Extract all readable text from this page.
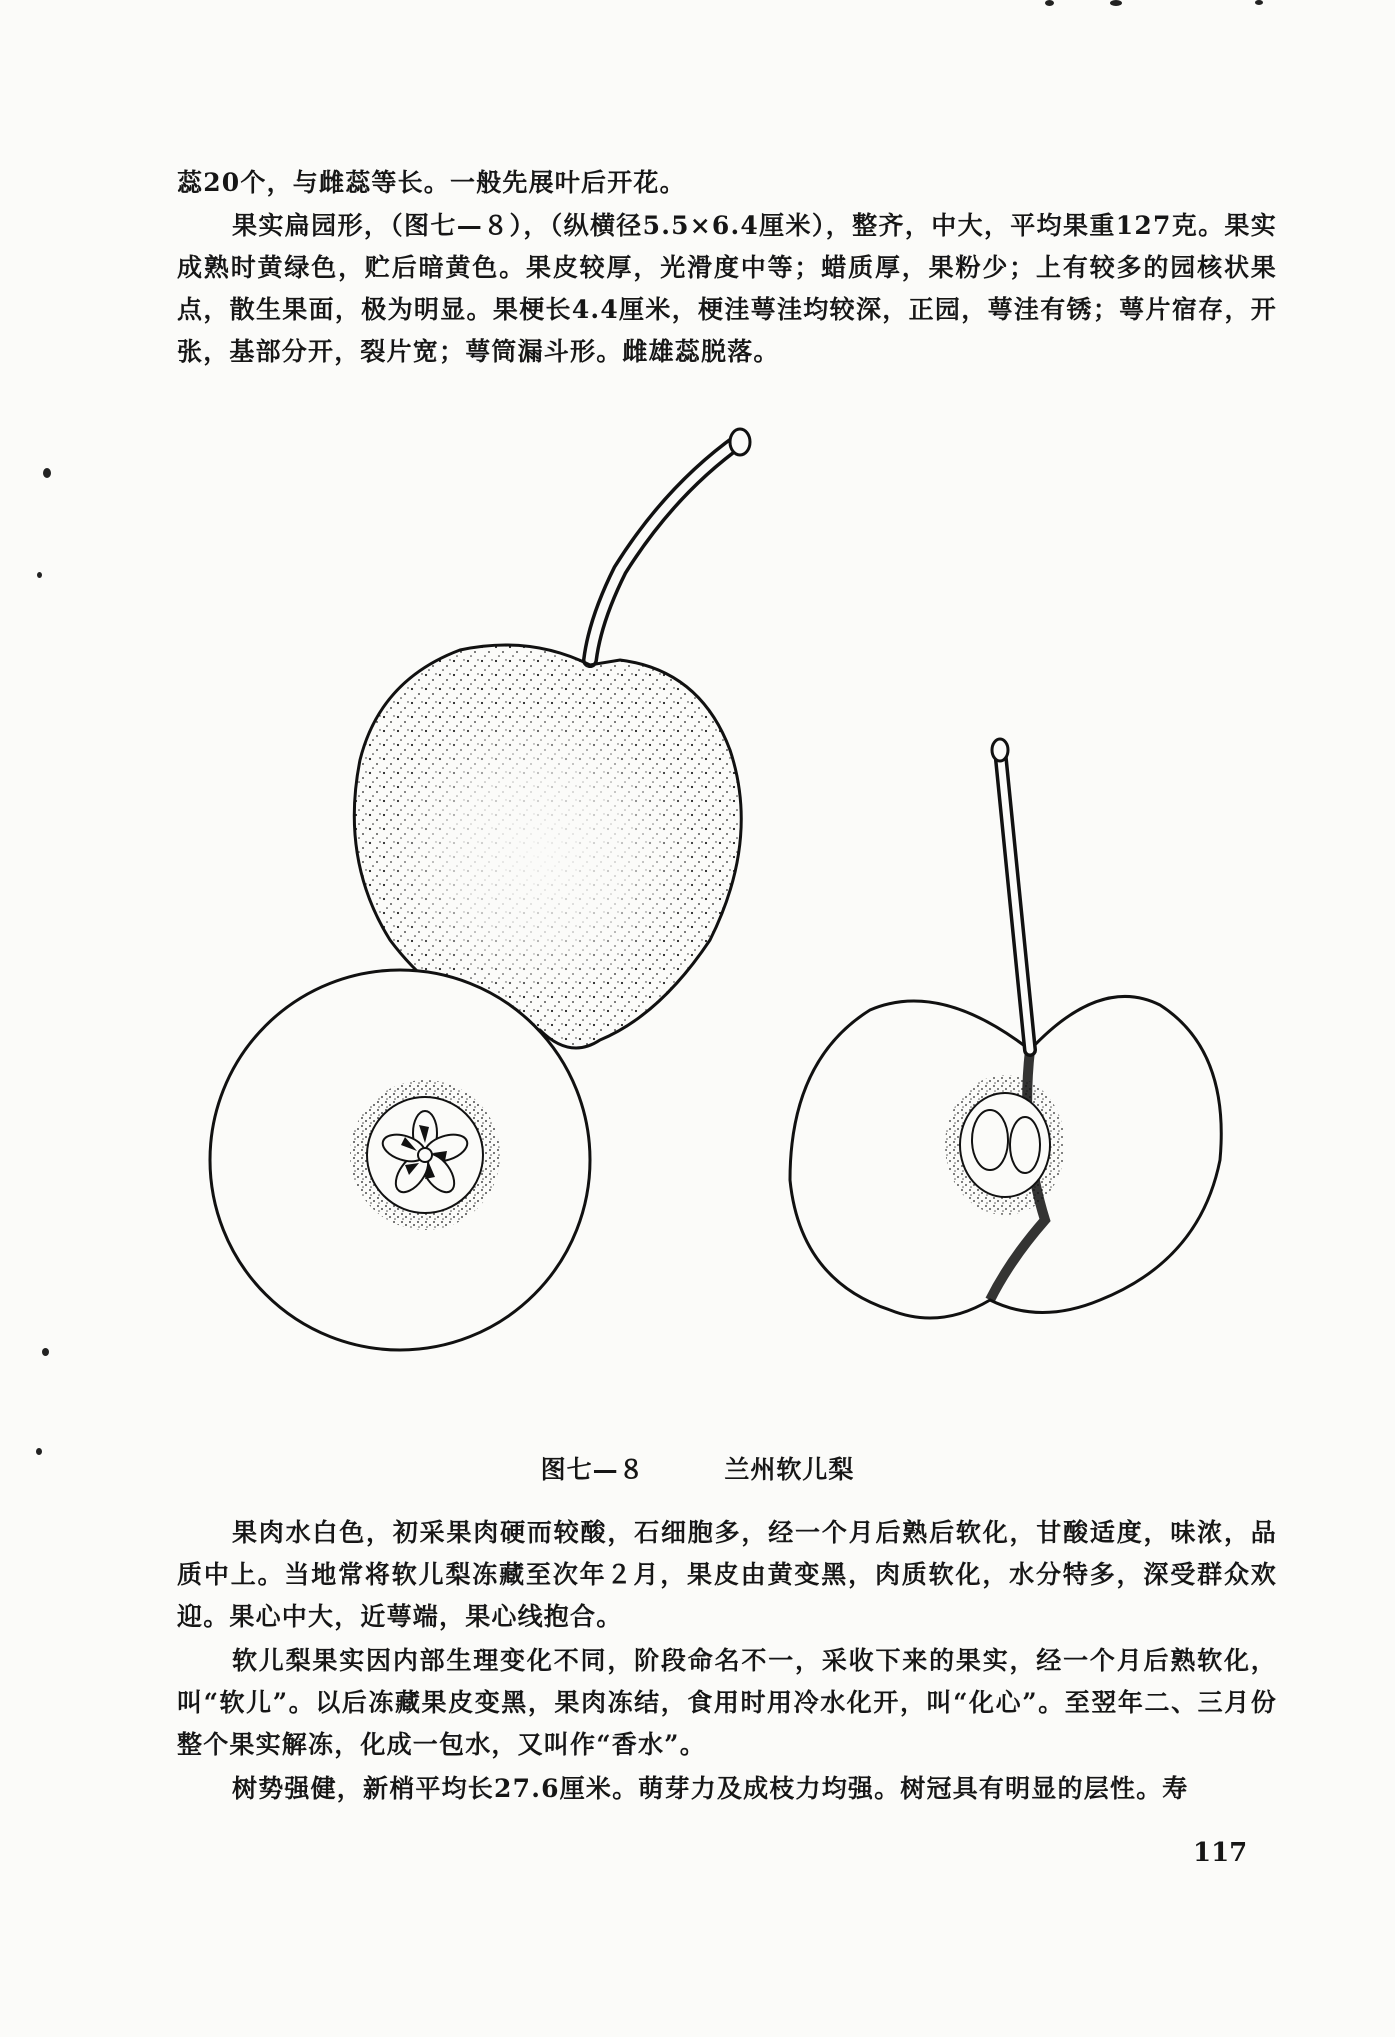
蕊20个，与雌蕊等长。一般先展叶后开花。

果实扁园形，（图七—８），（纵横径5.5×6.4厘米），整齐，中大，平均果重127克。果实成熟时黄绿色，贮后暗黄色。果皮较厚，光滑度中等；蜡质厚，果粉少；上有较多的园核状果点，散生果面，极为明显。果梗长4.4厘米，梗洼萼洼均较深，正园，萼洼有锈；萼片宿存，开张，基部分开，裂片宽；萼筒漏斗形。雌雄蕊脱落。

图七—８	兰州软儿梨

果肉水白色，初采果肉硬而较酸，石细胞多，经一个月后熟后软化，甘酸适度，味浓，品质中上。当地常将软儿梨冻藏至次年２月，果皮由黄变黑，肉质软化，水分特多，深受群众欢迎。果心中大，近萼端，果心线抱合。

软儿梨果实因内部生理变化不同，阶段命名不一，采收下来的果实，经一个月后熟软化，叫“软儿”。以后冻藏果皮变黑，果肉冻结，食用时用冷水化开，叫“化心”。至翌年二、三月份整个果实解冻，化成一包水，又叫作“香水”。

树势强健，新梢平均长27.6厘米。萌芽力及成枝力均强。树冠具有明显的层性。寿

117
